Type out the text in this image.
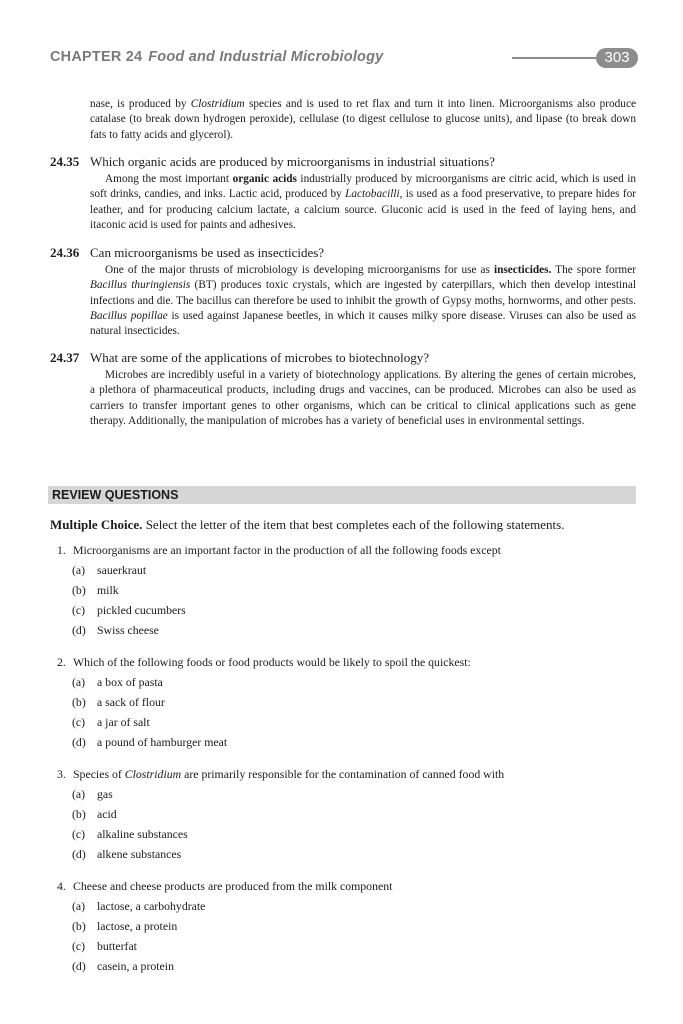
CHAPTER 24 Food and Industrial Microbiology	303

nase, is produced by Clostridium species and is used to ret flax and turn it into linen. Microorganisms also produce catalase (to break down hydrogen peroxide), cellulase (to digest cellulose to glucose units), and lipase (to break down fats to fatty acids and glycerol).

24.35 Which organic acids are produced by microorganisms in industrial situations?

Among the most important organic acids industrially produced by microorganisms are citric acid, which is used in soft drinks, candies, and inks. Lactic acid, produced by Lactobacilli, is used as a food preservative, to prepare hides for leather, and for producing calcium lactate, a calcium source. Gluconic acid is used in the feed of laying hens, and itaconic acid is used for paints and adhesives.

24.36 Can microorganisms be used as insecticides?

One of the major thrusts of microbiology is developing microorganisms for use as insecticides. The spore former Bacillus thuringiensis (BT) produces toxic crystals, which are ingested by caterpillars, which then develop intestinal infections and die. The bacillus can therefore be used to inhibit the growth of Gypsy moths, hornworms, and other pests. Bacillus popillae is used against Japanese beetles, in which it causes milky spore disease. Viruses can also be used as natural insecticides.

24.37 What are some of the applications of microbes to biotechnology?

Microbes are incredibly useful in a variety of biotechnology applications. By altering the genes of certain microbes, a plethora of pharmaceutical products, including drugs and vaccines, can be produced. Microbes can also be used as carriers to transfer important genes to other organisms, which can be critical to clinical applications such as gene therapy. Additionally, the manipulation of microbes has a variety of beneficial uses in environmental settings.

REVIEW QUESTIONS
Multiple Choice. Select the letter of the item that best completes each of the following statements.
1. Microorganisms are an important factor in the production of all the following foods except
(a) sauerkraut
(b) milk
(c) pickled cucumbers
(d) Swiss cheese
2. Which of the following foods or food products would be likely to spoil the quickest:
(a) a box of pasta
(b) a sack of flour
(c) a jar of salt
(d) a pound of hamburger meat
3. Species of Clostridium are primarily responsible for the contamination of canned food with
(a) gas
(b) acid
(c) alkaline substances
(d) alkene substances
4. Cheese and cheese products are produced from the milk component
(a) lactose, a carbohydrate
(b) lactose, a protein
(c) butterfat
(d) casein, a protein
